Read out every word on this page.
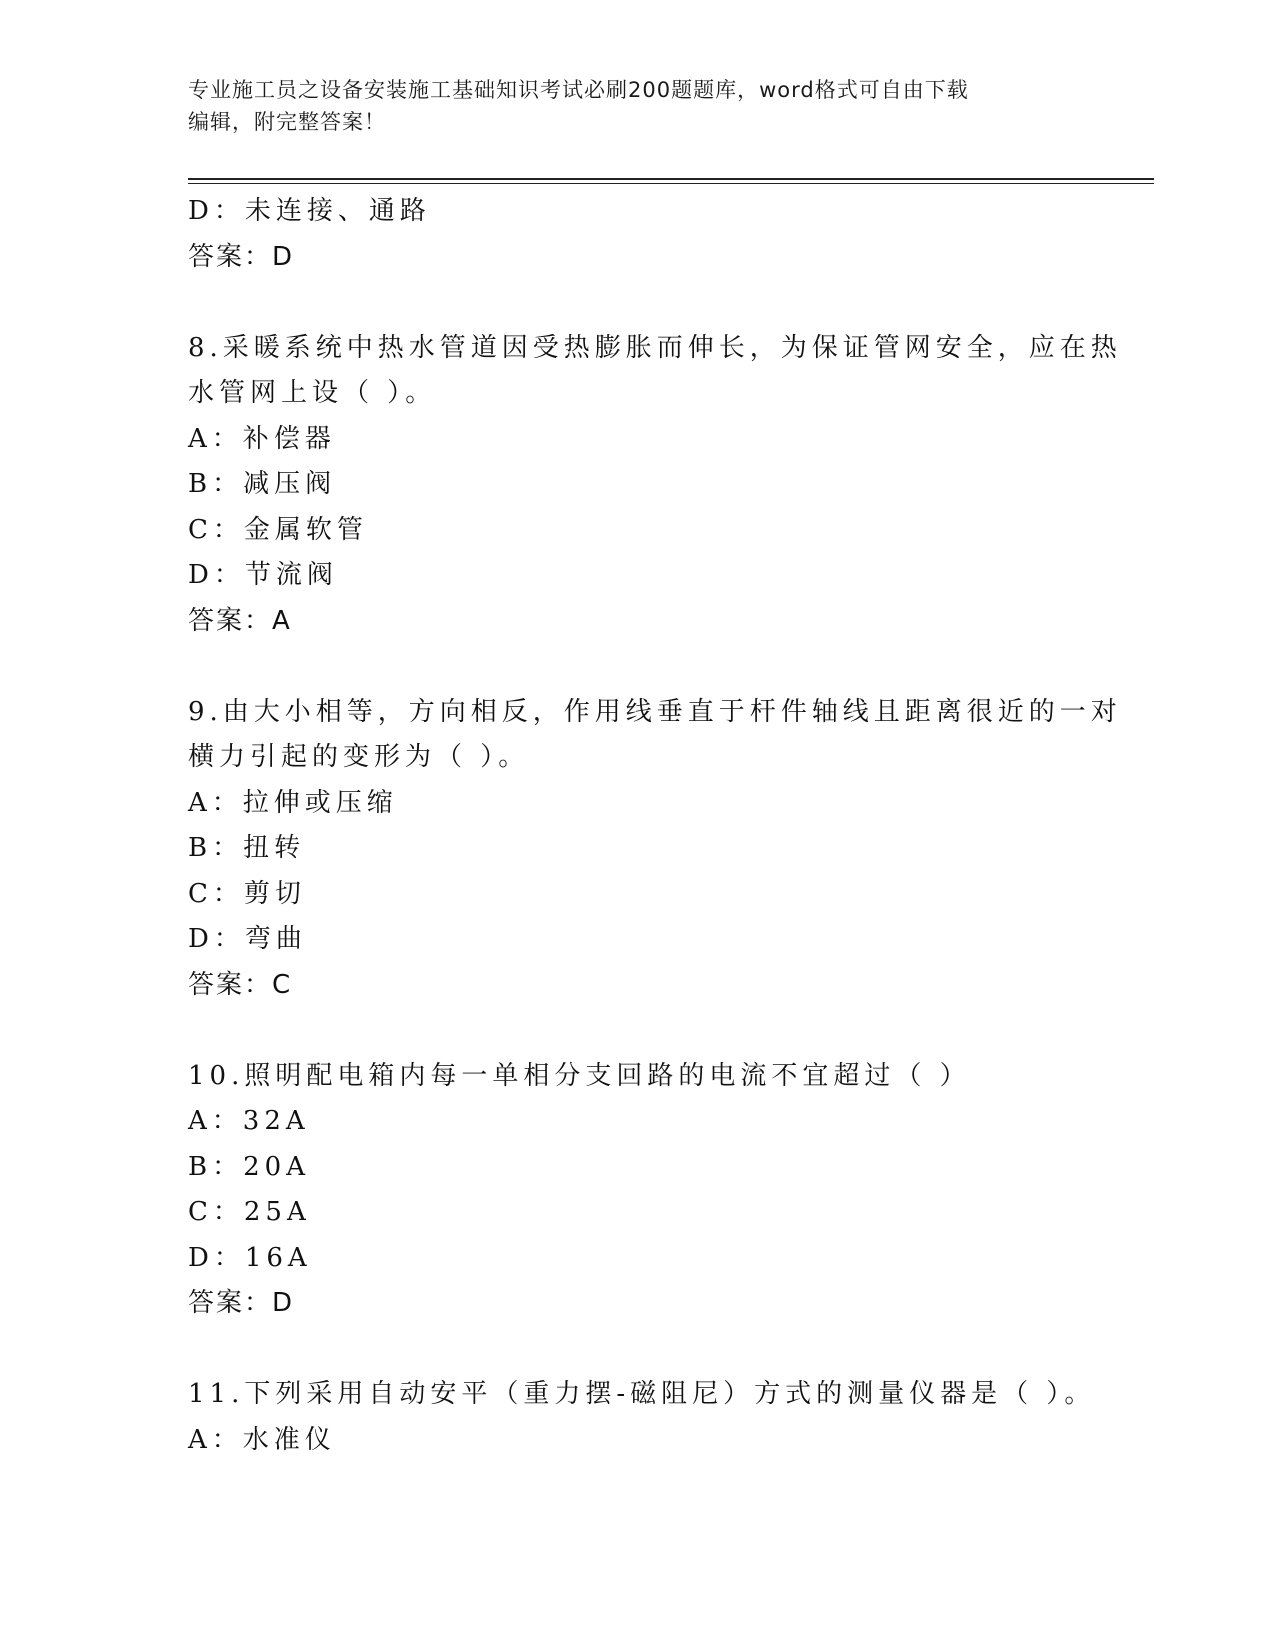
专业施工员之设备安装施工基础知识考试必刷200题题库，word格式可自由下载
编辑，附完整答案！
D：未连接、通路
答案：D
8.采暖系统中热水管道因受热膨胀而伸长，为保证管网安全，应在热
水管网上设（ ）。
A：补偿器
B：减压阀
C：金属软管
D：节流阀
答案：A
9.由大小相等，方向相反，作用线垂直于杆件轴线且距离很近的一对
横力引起的变形为（ ）。
A：拉伸或压缩
B：扭转
C：剪切
D：弯曲
答案：C
10.照明配电箱内每一单相分支回路的电流不宜超过（ ）
A：32A
B：20A
C：25A
D：16A
答案：D
11.下列采用自动安平（重力摆-磁阻尼）方式的测量仪器是（ ）。
A：水准仪
